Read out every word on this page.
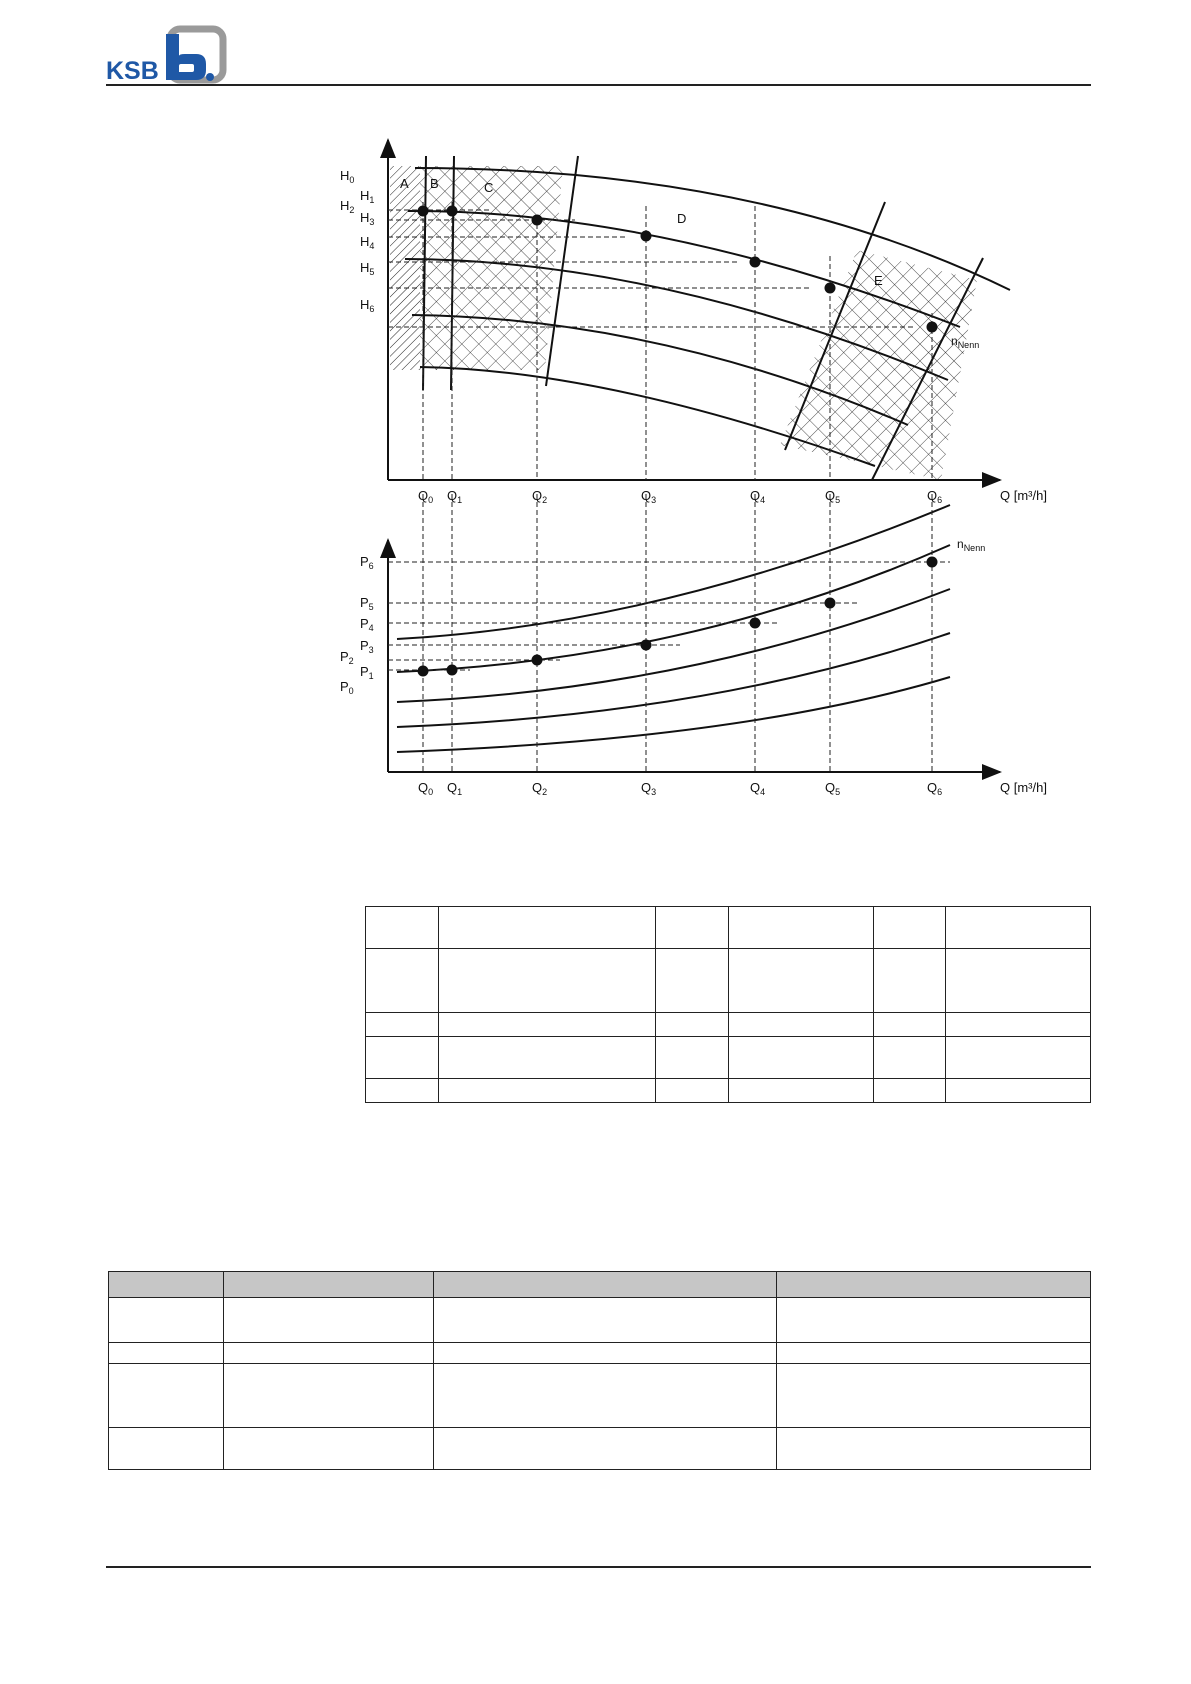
KSB
A B	C
D
E
$n_{Nenn}$
Q [m³/h]
$Q_0$ $Q_1$	$Q_2$	$Q_3$	$Q_4$	$Q_5$	$Q_6$
$H_0$
$H_1$
$H_2$ $H_3$
$H_4$
$H_5$
$H_6$
$n_{Nenn}$
Q [m³/h]
$Q_0$ $Q_1$	$Q_2$	$Q_3$	$Q_4$	$Q_5$	$Q_6$
$P_0$
$P_1$
$P_2$
$P_3$
$P_4$
$P_5$
$P_6$
